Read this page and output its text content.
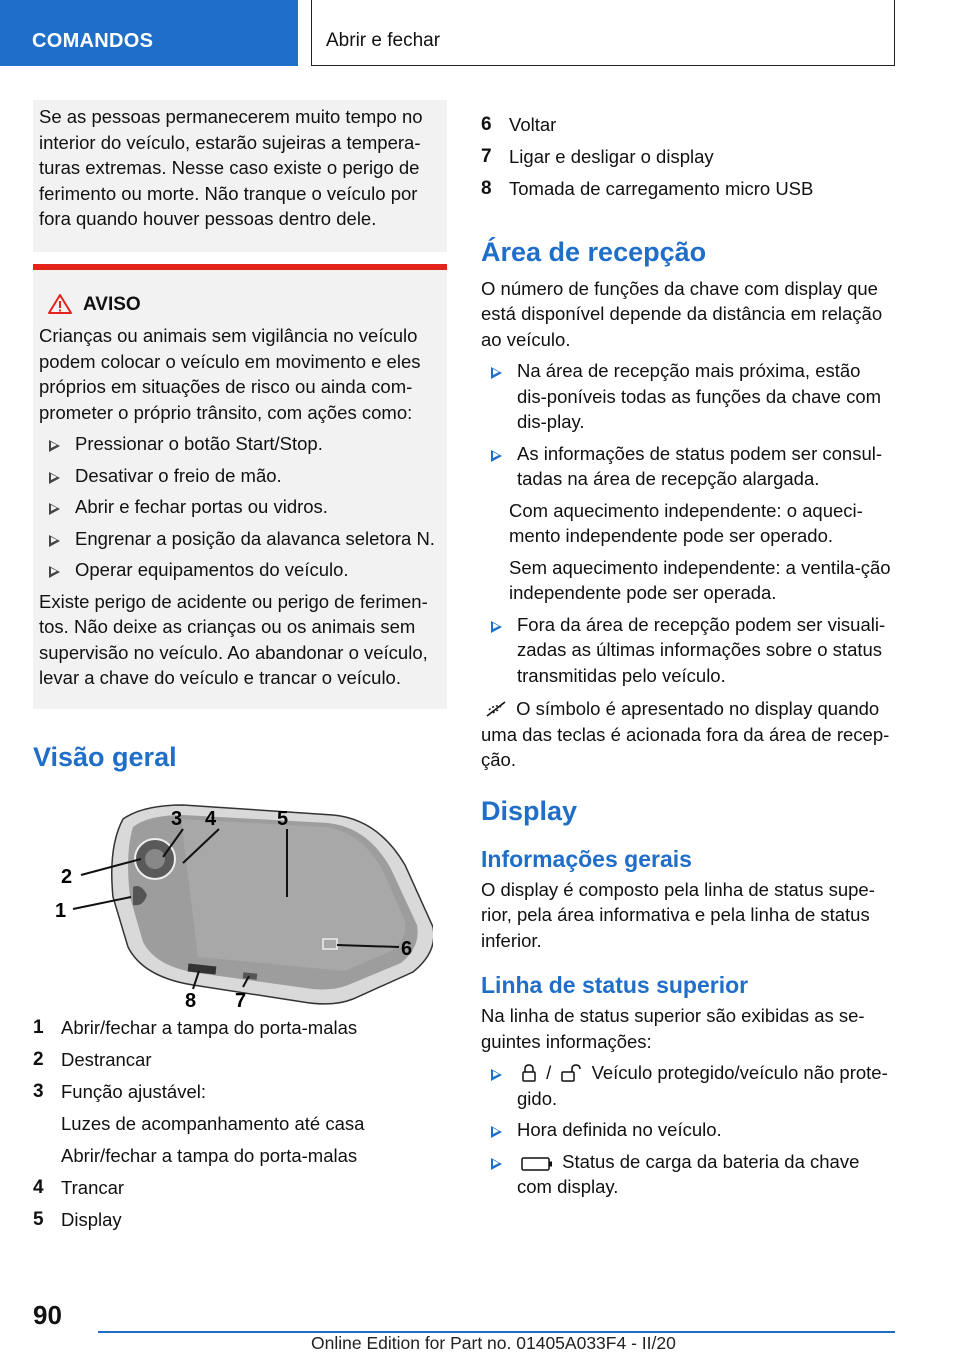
COMANDOS	Abrir e fechar

Se as pessoas permanecerem muito tempo no interior do veículo, estarão sujeiras a tempera-turas extremas. Nesse caso existe o perigo de ferimento ou morte. Não tranque o veículo por fora quando houver pessoas dentro dele.

AVISO

Crianças ou animais sem vigilância no veículo podem colocar o veículo em movimento e eles próprios em situações de risco ou ainda com-prometer o próprio trânsito, com ações como:

Pressionar o botão Start/Stop.
Desativar o freio de mão.
Abrir e fechar portas ou vidros.
Engrenar a posição da alavanca seletora N.
Operar equipamentos do veículo.

Existe perigo de acidente ou perigo de ferimen-tos. Não deixe as crianças ou os animais sem supervisão no veículo. Ao abandonar o veículo, levar a chave do veículo e trancar o veículo.

Visão geral
1
2
3 4	5
6
7
8
1 Abrir/fechar a tampa do porta-malas
2 Destrancar
3 Função ajustável:
Luzes de acompanhamento até casa
Abrir/fechar a tampa do porta-malas
4 Trancar
5 Display
6 Voltar
7 Ligar e desligar o display
8 Tomada de carregamento micro USB
Área de recepção

O número de funções da chave com display que está disponível depende da distância em relação ao veículo.

Na área de recepção mais próxima, estão dis-poníveis todas as funções da chave com dis-play.
As informações de status podem ser consul-tadas na área de recepção alargada.

Com aquecimento independente: o aqueci-mento independente pode ser operado.

Sem aquecimento independente: a ventila-ção independente pode ser operada.

Fora da área de recepção podem ser visuali-zadas as últimas informações sobre o status transmitidas pelo veículo.

O símbolo é apresentado no display quando uma das teclas é acionada fora da área de recep-ção.

Display
Informações gerais

O display é composto pela linha de status supe-rior, pela área informativa e pela linha de status inferior.

Linha de status superior

Na linha de status superior são exibidas as se-guintes informações:

/ Veículo protegido/veículo não prote-gido.
Hora definida no veículo.
Status de carga da bateria da chave com display.
90
Online Edition for Part no. 01405A033F4 - II/20
